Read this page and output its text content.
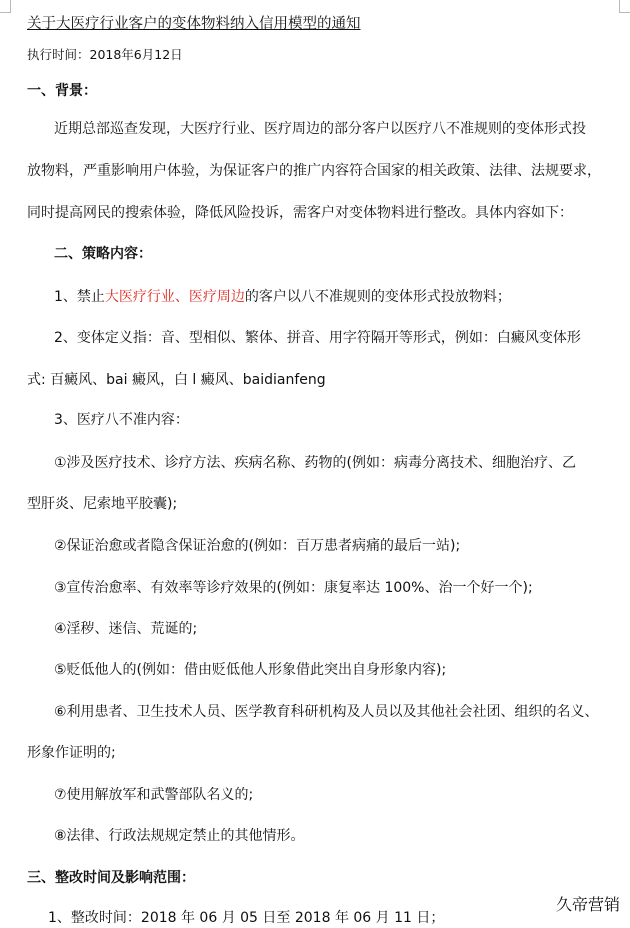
关于大医疗行业客户的变体物料纳入信用模型的通知
执行时间：2018年6月12日
一、背景：
近期总部巡查发现，大医疗行业、医疗周边的部分客户以医疗八不准规则的变体形式投
放物料，严重影响用户体验，为保证客户的推广内容符合国家的相关政策、法律、法规要求，
同时提高网民的搜索体验，降低风险投诉，需客户对变体物料进行整改。具体内容如下：
二、策略内容：
1、禁止大医疗行业、医疗周边的客户以八不准规则的变体形式投放物料；
2、变体定义指：音、型相似、繁体、拼音、用字符隔开等形式，例如：白癜风变体形
式: 百癜风、bai 癜风，白 l 癜风、baidianfeng
3、医疗八不准内容：
①涉及医疗技术、诊疗方法、疾病名称、药物的(例如：病毒分离技术、细胞治疗、乙
型肝炎、尼索地平胶囊);
②保证治愈或者隐含保证治愈的(例如：百万患者病痛的最后一站);
③宣传治愈率、有效率等诊疗效果的(例如：康复率达 100%、治一个好一个);
④淫秽、迷信、荒诞的;
⑤贬低他人的(例如：借由贬低他人形象借此突出自身形象内容);
⑥利用患者、卫生技术人员、医学教育科研机构及人员以及其他社会社团、组织的名义、
形象作证明的;
⑦使用解放军和武警部队名义的;
⑧法律、行政法规规定禁止的其他情形。
三、整改时间及影响范围：
1、整改时间：2018 年 06 月 05 日至 2018 年 06 月 11 日；
久帝营销
